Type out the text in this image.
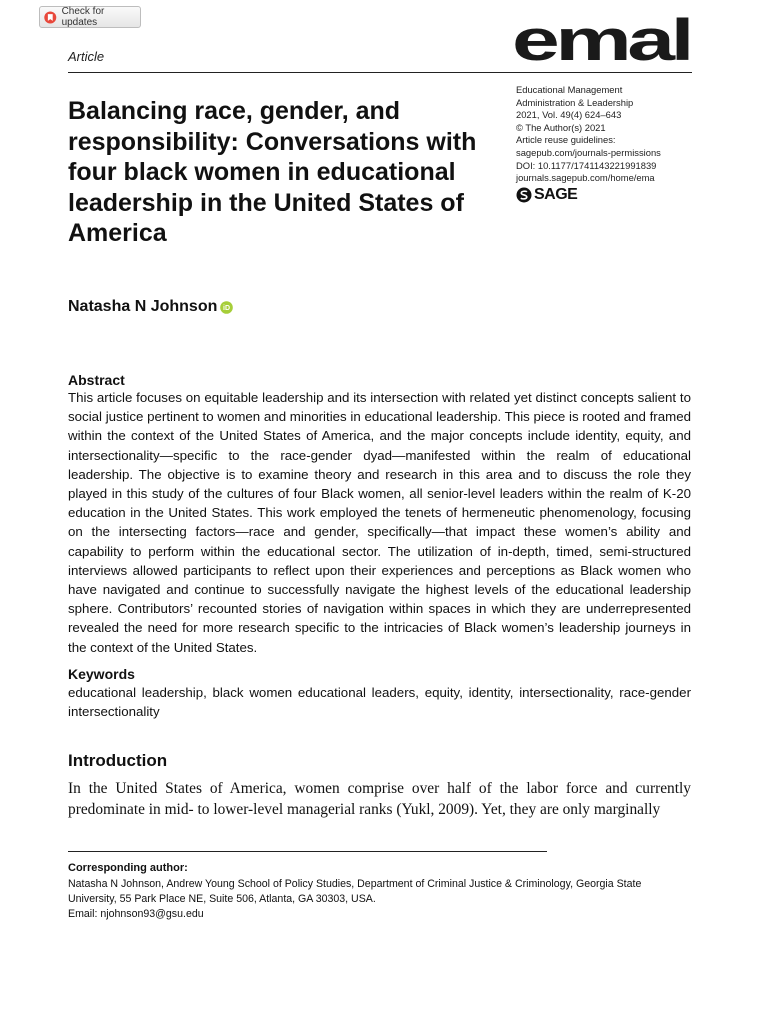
Check for updates
Article	emal
Educational Management
Administration & Leadership
2021, Vol. 49(4) 624–643
© The Author(s) 2021
Article reuse guidelines:
sagepub.com/journals-permissions
DOI: 10.1177/1741143221991839
journals.sagepub.com/home/ema
SAGE
Balancing race, gender, and responsibility: Conversations with four black women in educational leadership in the United States of America
Natasha N Johnson iD
Abstract

This article focuses on equitable leadership and its intersection with related yet distinct concepts salient to social justice pertinent to women and minorities in educational leadership. This piece is rooted and framed within the context of the United States of America, and the major concepts include identity, equity, and intersectionality—specific to the race-gender dyad—manifested within the realm of educational leadership. The objective is to examine theory and research in this area and to discuss the role they played in this study of the cultures of four Black women, all senior-level leaders within the realm of K-20 education in the United States. This work employed the tenets of hermeneutic phenomenology, focusing on the intersecting factors—race and gender, specifically—that impact these women’s ability and capability to perform within the educational sector. The utilization of in-depth, timed, semi-structured interviews allowed participants to reflect upon their experiences and perceptions as Black women who have navigated and continue to successfully navigate the highest levels of the educational leadership sphere. Contributors’ recounted stories of navigation within spaces in which they are underrepresented revealed the need for more research specific to the intricacies of Black women’s leadership journeys in the context of the United States.

Keywords

educational leadership, black women educational leaders, equity, identity, intersectionality, race-gender intersectionality

Introduction

In the United States of America, women comprise over half of the labor force and currently predominate in mid- to lower-level managerial ranks (Yukl, 2009). Yet, they are only marginally

Corresponding author:

Natasha N Johnson, Andrew Young School of Policy Studies, Department of Criminal Justice & Criminology, Georgia State University, 55 Park Place NE, Suite 506, Atlanta, GA 30303, USA.
Email: njohnson93@gsu.edu
